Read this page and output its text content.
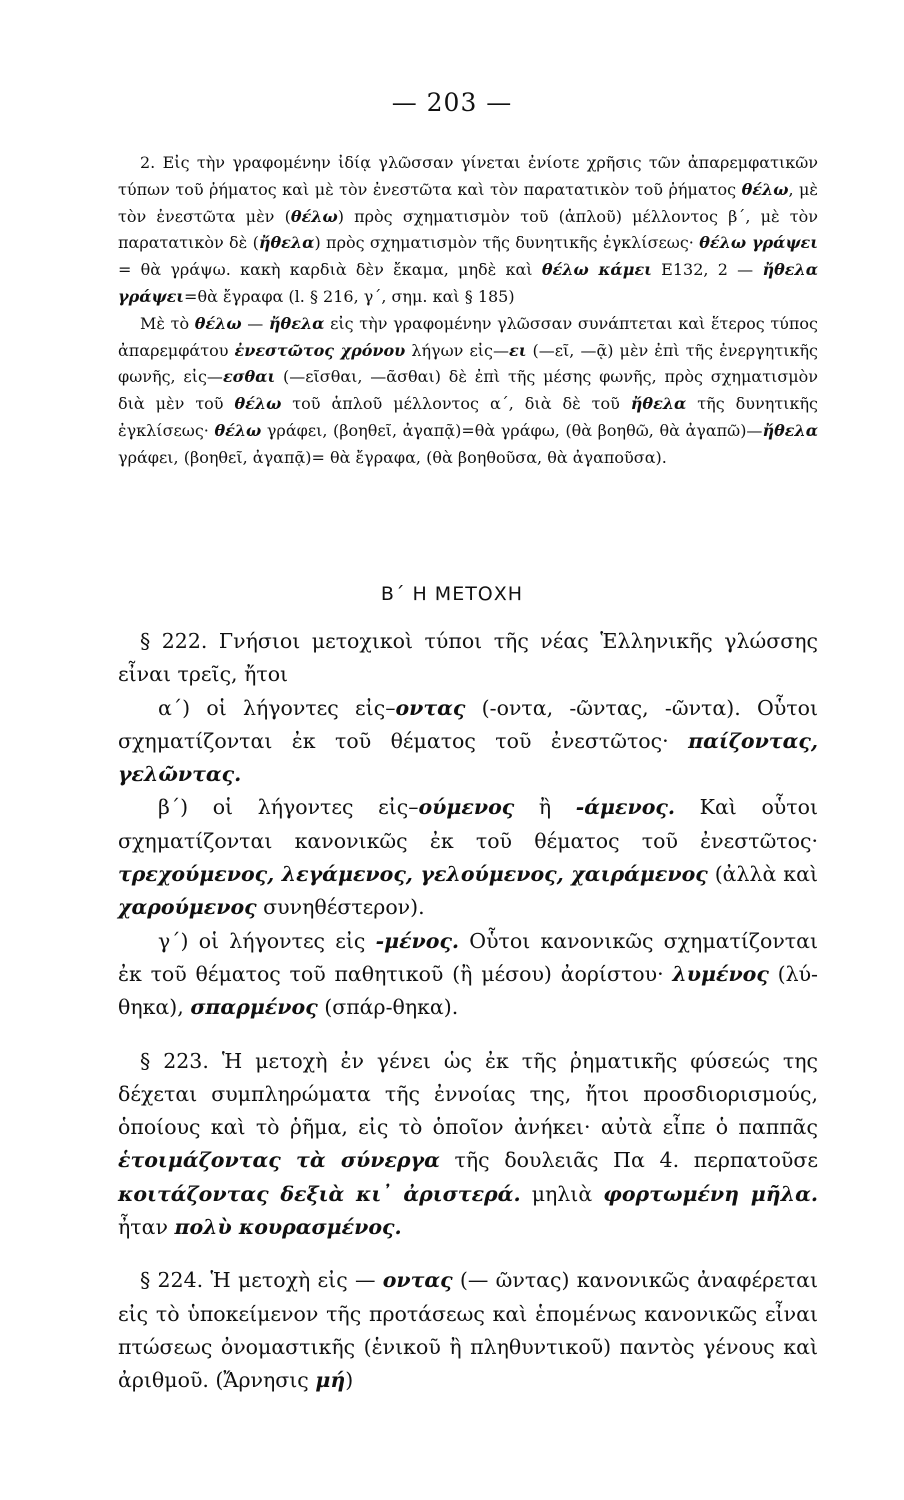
— 203 —

2. Εἰς τὴν γραφομένην ἰδίᾳ γλῶσσαν γίνεται ἐνίοτε χρῆσις τῶν ἀπαρεμφατικῶν τύπων τοῦ ῥήματος καὶ μὲ τὸν ἐνεστῶτα καὶ τὸν παρατατικὸν τοῦ ῥήματος θέλω, μὲ τὸν ἐνεστῶτα μὲν (θέλω) πρὸς σχηματισμὸν τοῦ (ἁπλοῦ) μέλλοντος β΄, μὲ τὸν παρατατικὸν δὲ (ἤθελα) πρὸς σχηματισμὸν τῆς δυνητικῆς ἐγκλίσεως· θέλω γράψει = θὰ γράψω. κακὴ καρδιὰ δὲν ἔκαμα, μηδὲ καὶ θέλω κάμει Ε132, 2 — ἤθελα γράψει=θὰ ἔγραφα (l. § 216, γ΄, σημ. καὶ § 185)

Μὲ τὸ θέλω — ἤθελα εἰς τὴν γραφομένην γλῶσσαν συνάπτεται καὶ ἕτερος τύπος ἀπαρεμφάτου ἐνεστῶτος χρόνου λήγων εἰς—ει (—εῖ, —ᾷ) μὲν ἐπὶ τῆς ἐνεργητικῆς φωνῆς, εἰς—εσθαι (—εῖσθαι, —ᾶσθαι) δὲ ἐπὶ τῆς μέσης φωνῆς, πρὸς σχηματισμὸν διὰ μὲν τοῦ θέλω τοῦ ἁπλοῦ μέλλοντος α΄, διὰ δὲ τοῦ ἤθελα τῆς δυνητικῆς ἐγκλίσεως· θέλω γράφει, (βοηθεῖ, ἀγαπᾷ)=θὰ γράφω, (θὰ βοηθῶ, θὰ ἀγαπῶ)—ἤθελα γράφει, (βοηθεῖ, ἀγαπᾷ)= θὰ ἔγραφα, (θὰ βοηθοῦσα, θὰ ἀγαποῦσα).

Β΄ Η ΜΕΤΟΧΗ

§ 222. Γνήσιοι μετοχικοὶ τύποι τῆς νέας Ἑλληνικῆς γλώσσης εἶναι τρεῖς, ἤτοι

α΄) οἱ λήγοντες εἰς–οντας (-οντα, -ῶντας, -ῶντα). Οὗτοι σχηματίζονται ἐκ τοῦ θέματος τοῦ ἐνεστῶτος· παίζοντας, γελῶντας.

β΄) οἱ λήγοντες εἰς–ούμενος ἢ -άμενος. Καὶ οὗτοι σχηματίζονται κανονικῶς ἐκ τοῦ θέματος τοῦ ἐνεστῶτος· τρεχούμενος, λεγάμενος, γελούμενος, χαιράμενος (ἀλλὰ καὶ χαρούμενος συνηθέστερον).

γ΄) οἱ λήγοντες εἰς -μένος. Οὗτοι κανονικῶς σχηματίζονται ἐκ τοῦ θέματος τοῦ παθητικοῦ (ἢ μέσου) ἀορίστου· λυμένος (λύ-θηκα), σπαρμένος (σπάρ-θηκα).

§ 223. Ἡ μετοχὴ ἐν γένει ὡς ἐκ τῆς ῥηματικῆς φύσεώς της δέχεται συμπληρώματα τῆς ἐννοίας της, ἤτοι προσδιορισμούς, ὁποίους καὶ τὸ ῥῆμα, εἰς τὸ ὁποῖον ἀνήκει· αὐτὰ εἶπε ὁ παππᾶς ἑτοιμάζοντας τὰ σύνεργα τῆς δουλειᾶς Πα 4. περπατοῦσε κοιτάζοντας δεξιὰ κι᾿ ἀριστερά. μηλιὰ φορτωμένη μῆλα. ἦταν πολὺ κουρασμένος.

§ 224. Ἡ μετοχὴ εἰς — οντας (— ῶντας) κανονικῶς ἀναφέρεται εἰς τὸ ὑποκείμενον τῆς προτάσεως καὶ ἑπομένως κανονικῶς εἶναι πτώσεως ὀνομαστικῆς (ἑνικοῦ ἢ πληθυντικοῦ) παντὸς γένους καὶ ἀριθμοῦ. (Ἄρνησις μή)
